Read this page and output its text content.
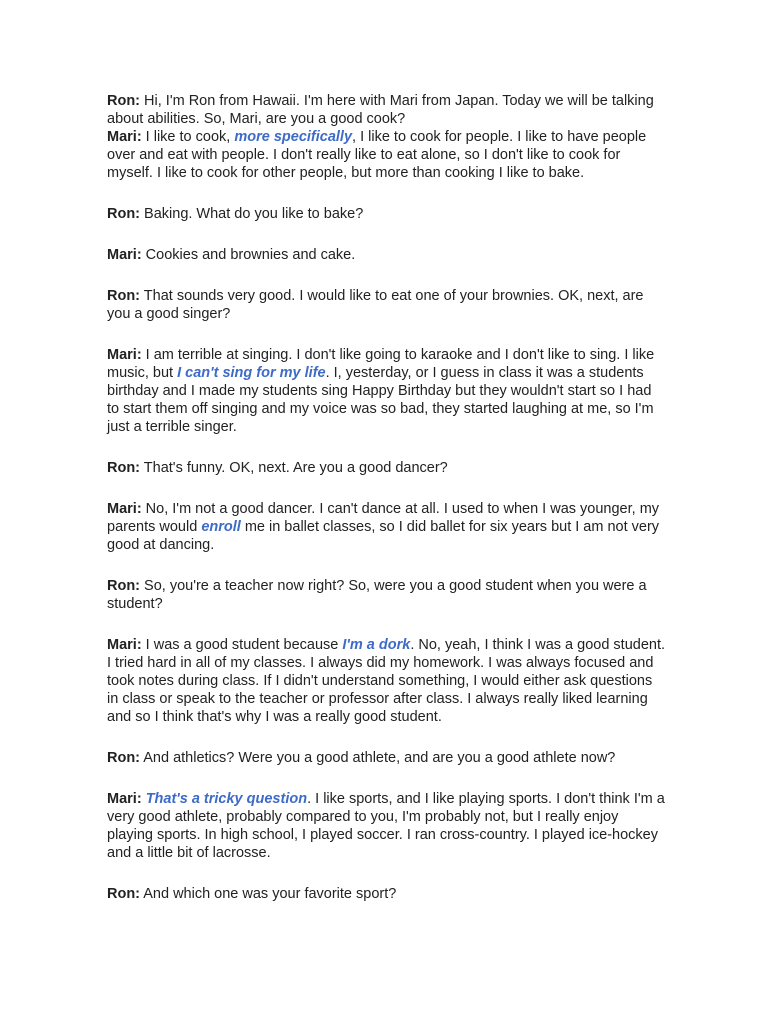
Ron: Hi, I'm Ron from Hawaii. I'm here with Mari from Japan. Today we will be talking about abilities. So, Mari, are you a good cook?

Mari: I like to cook, more specifically, I like to cook for people. I like to have people over and eat with people. I don't really like to eat alone, so I don't like to cook for myself. I like to cook for other people, but more than cooking I like to bake.

Ron: Baking. What do you like to bake?

Mari: Cookies and brownies and cake.

Ron: That sounds very good. I would like to eat one of your brownies. OK, next, are you a good singer?

Mari: I am terrible at singing. I don't like going to karaoke and I don't like to sing. I like music, but I can't sing for my life. I, yesterday, or I guess in class it was a students birthday and I made my students sing Happy Birthday but they wouldn't start so I had to start them off singing and my voice was so bad, they started laughing at me, so I'm just a terrible singer.

Ron: That's funny. OK, next. Are you a good dancer?

Mari: No, I'm not a good dancer. I can't dance at all. I used to when I was younger, my parents would enroll me in ballet classes, so I did ballet for six years but I am not very good at dancing.

Ron: So, you're a teacher now right? So, were you a good student when you were a student?

Mari: I was a good student because I'm a dork. No, yeah, I think I was a good student. I tried hard in all of my classes. I always did my homework. I was always focused and took notes during class. If I didn't understand something, I would either ask questions in class or speak to the teacher or professor after class. I always really liked learning and so I think that's why I was a really good student.

Ron: And athletics? Were you a good athlete, and are you a good athlete now?

Mari: That's a tricky question. I like sports, and I like playing sports. I don't think I'm a very good athlete, probably compared to you, I'm probably not, but I really enjoy playing sports. In high school, I played soccer. I ran cross-country. I played ice-hockey and a little bit of lacrosse.

Ron: And which one was your favorite sport?
